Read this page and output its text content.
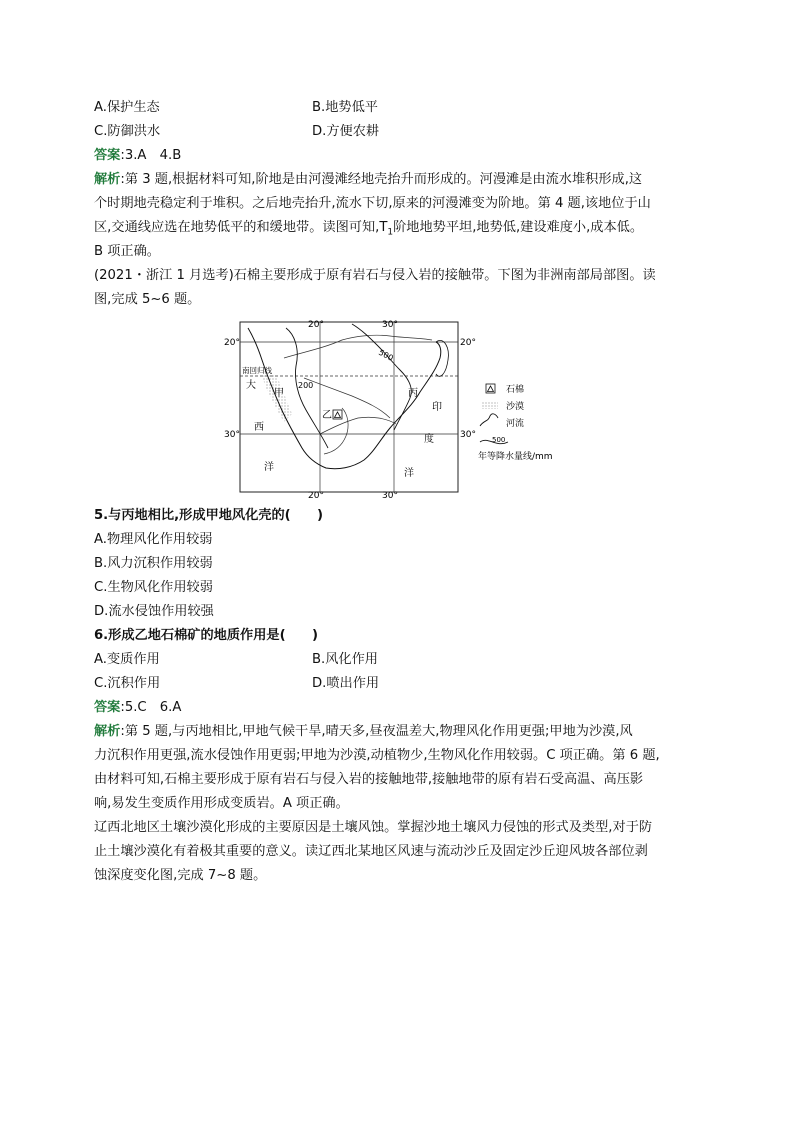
A.保护生态	B.地势低平
C.防御洪水	D.方便农耕
答案:3.A　4.B
解析:第 3 题,根据材料可知,阶地是由河漫滩经地壳抬升而形成的。河漫滩是由流水堆积形成,这
个时期地壳稳定利于堆积。之后地壳抬升,流水下切,原来的河漫滩变为阶地。第 4 题,该地位于山
区,交通线应选在地势低平的和缓地带。读图可知$,T_1$阶地地势平坦,地势低,建设难度小,成本低。
B 项正确。
(2021・浙江 1 月选考)石棉主要形成于原有岩石与侵入岩的接触带。下图为非洲南部局部图。读
图,完成 5~6 题。
20°	30°
20°	30°
20°
30°
20°
30°
南回归线
大
西
洋
印
度
洋
甲
乙
丙
500
200	石棉
沙漠
河流
500
年等降水量线/mm
5.与丙地相比,形成甲地风化壳的(　　)
A.物理风化作用较弱
B.风力沉积作用较弱
C.生物风化作用较弱
D.流水侵蚀作用较强
6.形成乙地石棉矿的地质作用是(　　)
A.变质作用	B.风化作用
C.沉积作用	D.喷出作用
答案:5.C　6.A
解析:第 5 题,与丙地相比,甲地气候干旱,晴天多,昼夜温差大,物理风化作用更强;甲地为沙漠,风
力沉积作用更强,流水侵蚀作用更弱;甲地为沙漠,动植物少,生物风化作用较弱。C 项正确。第 6 题,
由材料可知,石棉主要形成于原有岩石与侵入岩的接触地带,接触地带的原有岩石受高温、高压影
响,易发生变质作用形成变质岩。A 项正确。
辽西北地区土壤沙漠化形成的主要原因是土壤风蚀。掌握沙地土壤风力侵蚀的形式及类型,对于防
止土壤沙漠化有着极其重要的意义。读辽西北某地区风速与流动沙丘及固定沙丘迎风坡各部位剥
蚀深度变化图,完成 7~8 题。
